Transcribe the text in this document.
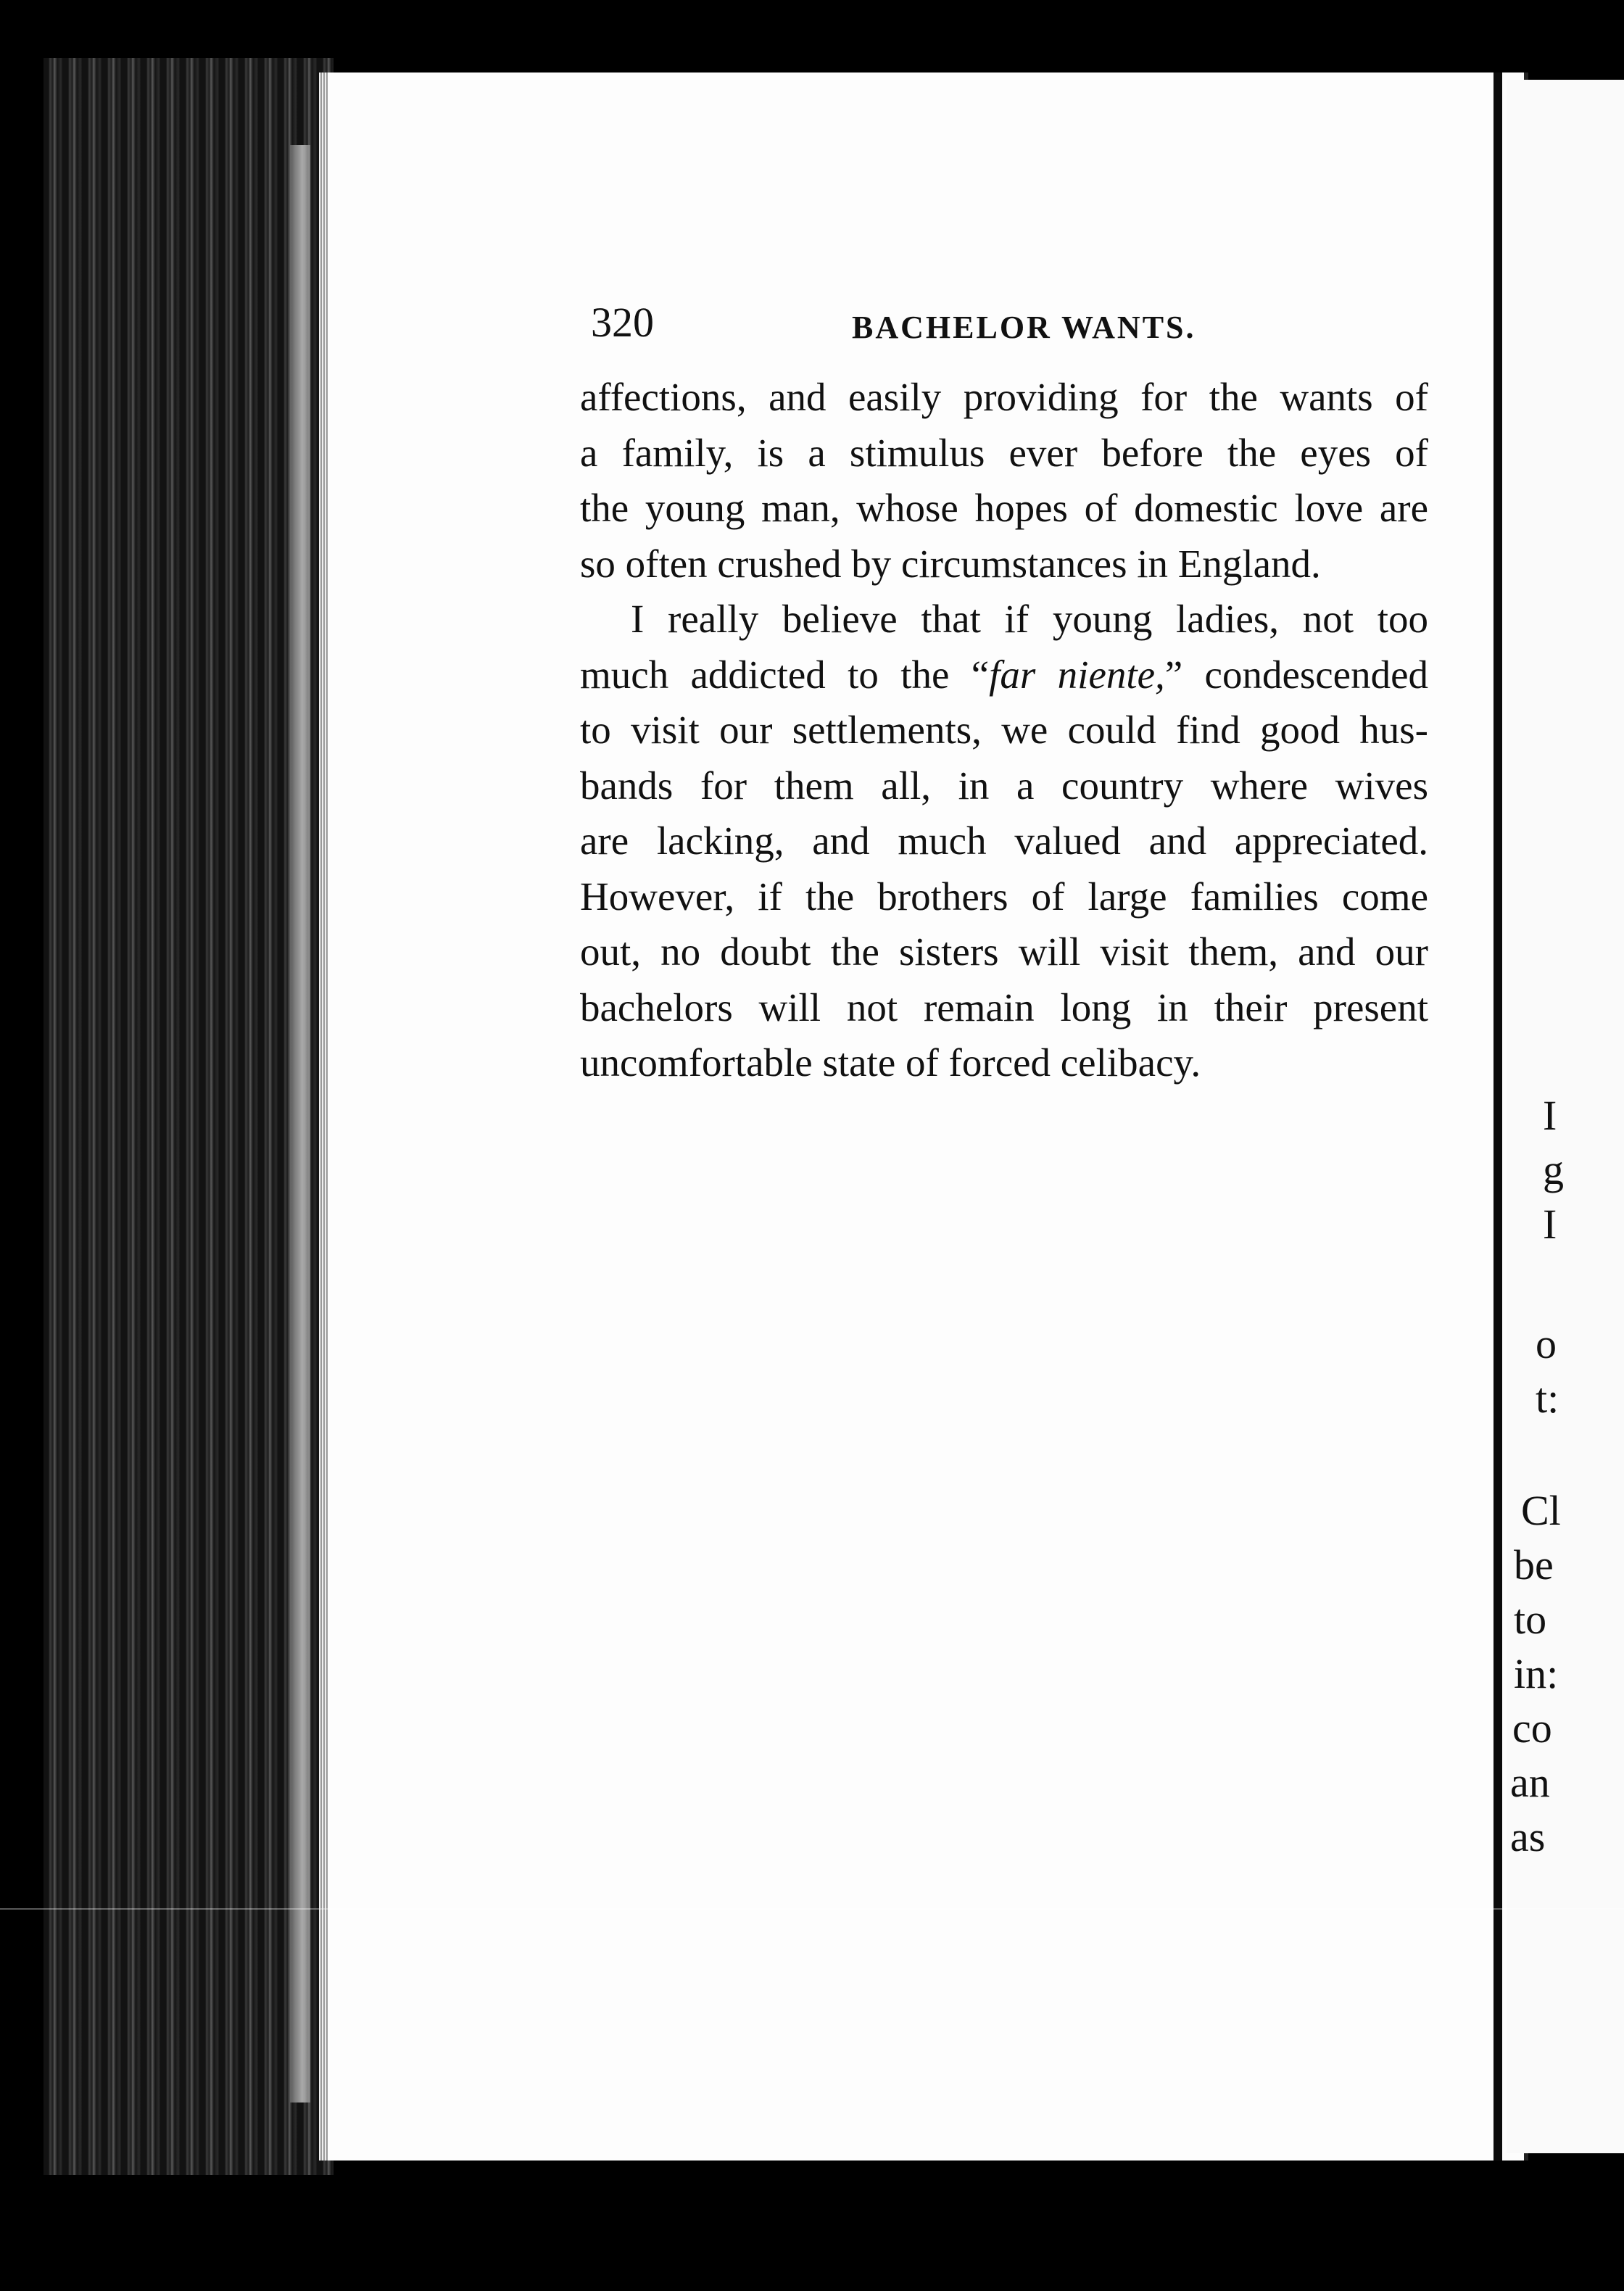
I
g
I
o
t:
Cl
be
to
in:
co
an
as
320	BACHELOR WANTS.
affections, and easily providing for the wants of
a family, is a stimulus ever before the eyes of
the young man, whose hopes of domestic love are
so often crushed by circumstances in England.
I really believe that if young ladies, not too
much addicted to the “far niente,” condescended
to visit our settlements, we could find good hus-
bands for them all, in a country where wives
are lacking, and much valued and appreciated.
However, if the brothers of large families come
out, no doubt the sisters will visit them, and our
bachelors will not remain long in their present
uncomfortable state of forced celibacy.
